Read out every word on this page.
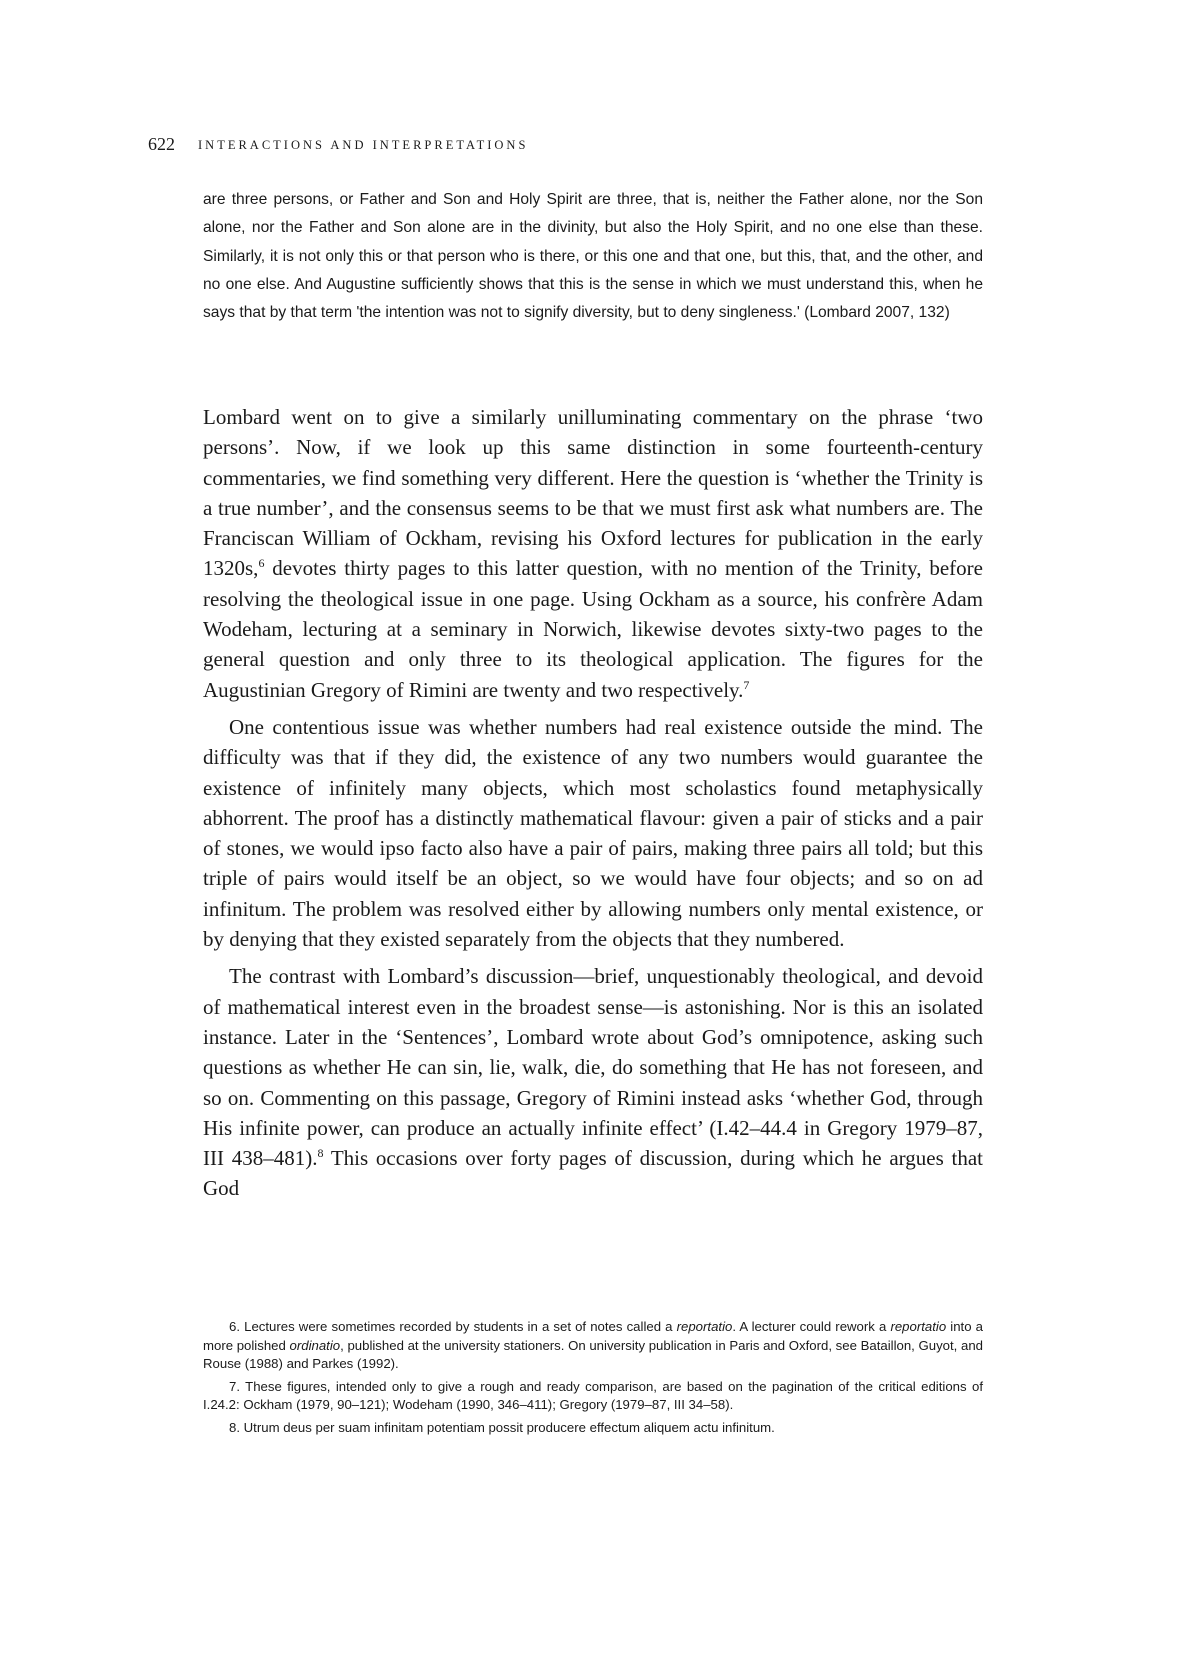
622 INTERACTIONS AND INTERPRETATIONS

are three persons, or Father and Son and Holy Spirit are three, that is, neither the Father alone, nor the Son alone, nor the Father and Son alone are in the divinity, but also the Holy Spirit, and no one else than these. Similarly, it is not only this or that person who is there, or this one and that one, but this, that, and the other, and no one else. And Augustine sufficiently shows that this is the sense in which we must understand this, when he says that by that term 'the intention was not to signify diversity, but to deny singleness.' (Lombard 2007, 132)

Lombard went on to give a similarly unilluminating commentary on the phrase ‘two persons’. Now, if we look up this same distinction in some fourteenth-century commentaries, we find something very different. Here the question is ‘whether the Trinity is a true number’, and the consensus seems to be that we must first ask what numbers are. The Franciscan William of Ockham, revising his Oxford lectures for publication in the early 1320s,$^6$ devotes thirty pages to this latter question, with no mention of the Trinity, before resolving the theological issue in one page. Using Ockham as a source, his confrère Adam Wodeham, lecturing at a seminary in Norwich, likewise devotes sixty-two pages to the general question and only three to its theological application. The figures for the Augustinian Gregory of Rimini are twenty and two respectively.$^7$

One contentious issue was whether numbers had real existence outside the mind. The difficulty was that if they did, the existence of any two numbers would guarantee the existence of infinitely many objects, which most scholastics found metaphysically abhorrent. The proof has a distinctly mathematical flavour: given a pair of sticks and a pair of stones, we would ipso facto also have a pair of pairs, making three pairs all told; but this triple of pairs would itself be an object, so we would have four objects; and so on ad infinitum. The problem was resolved either by allowing numbers only mental existence, or by denying that they existed separately from the objects that they numbered.

The contrast with Lombard’s discussion—brief, unquestionably theological, and devoid of mathematical interest even in the broadest sense—is astonishing. Nor is this an isolated instance. Later in the ‘Sentences’, Lombard wrote about God’s omnipotence, asking such questions as whether He can sin, lie, walk, die, do something that He has not foreseen, and so on. Commenting on this passage, Gregory of Rimini instead asks ‘whether God, through His infinite power, can produce an actually infinite effect’ (I.42–44.4 in Gregory 1979–87, III 438–481).$^8$ This occasions over forty pages of discussion, during which he argues that God

6. Lectures were sometimes recorded by students in a set of notes called a reportatio. A lecturer could rework a reportatio into a more polished ordinatio, published at the university stationers. On university publication in Paris and Oxford, see Bataillon, Guyot, and Rouse (1988) and Parkes (1992).

7. These figures, intended only to give a rough and ready comparison, are based on the pagination of the critical editions of I.24.2: Ockham (1979, 90–121); Wodeham (1990, 346–411); Gregory (1979–87, III 34–58).

8. Utrum deus per suam infinitam potentiam possit producere effectum aliquem actu infinitum.
